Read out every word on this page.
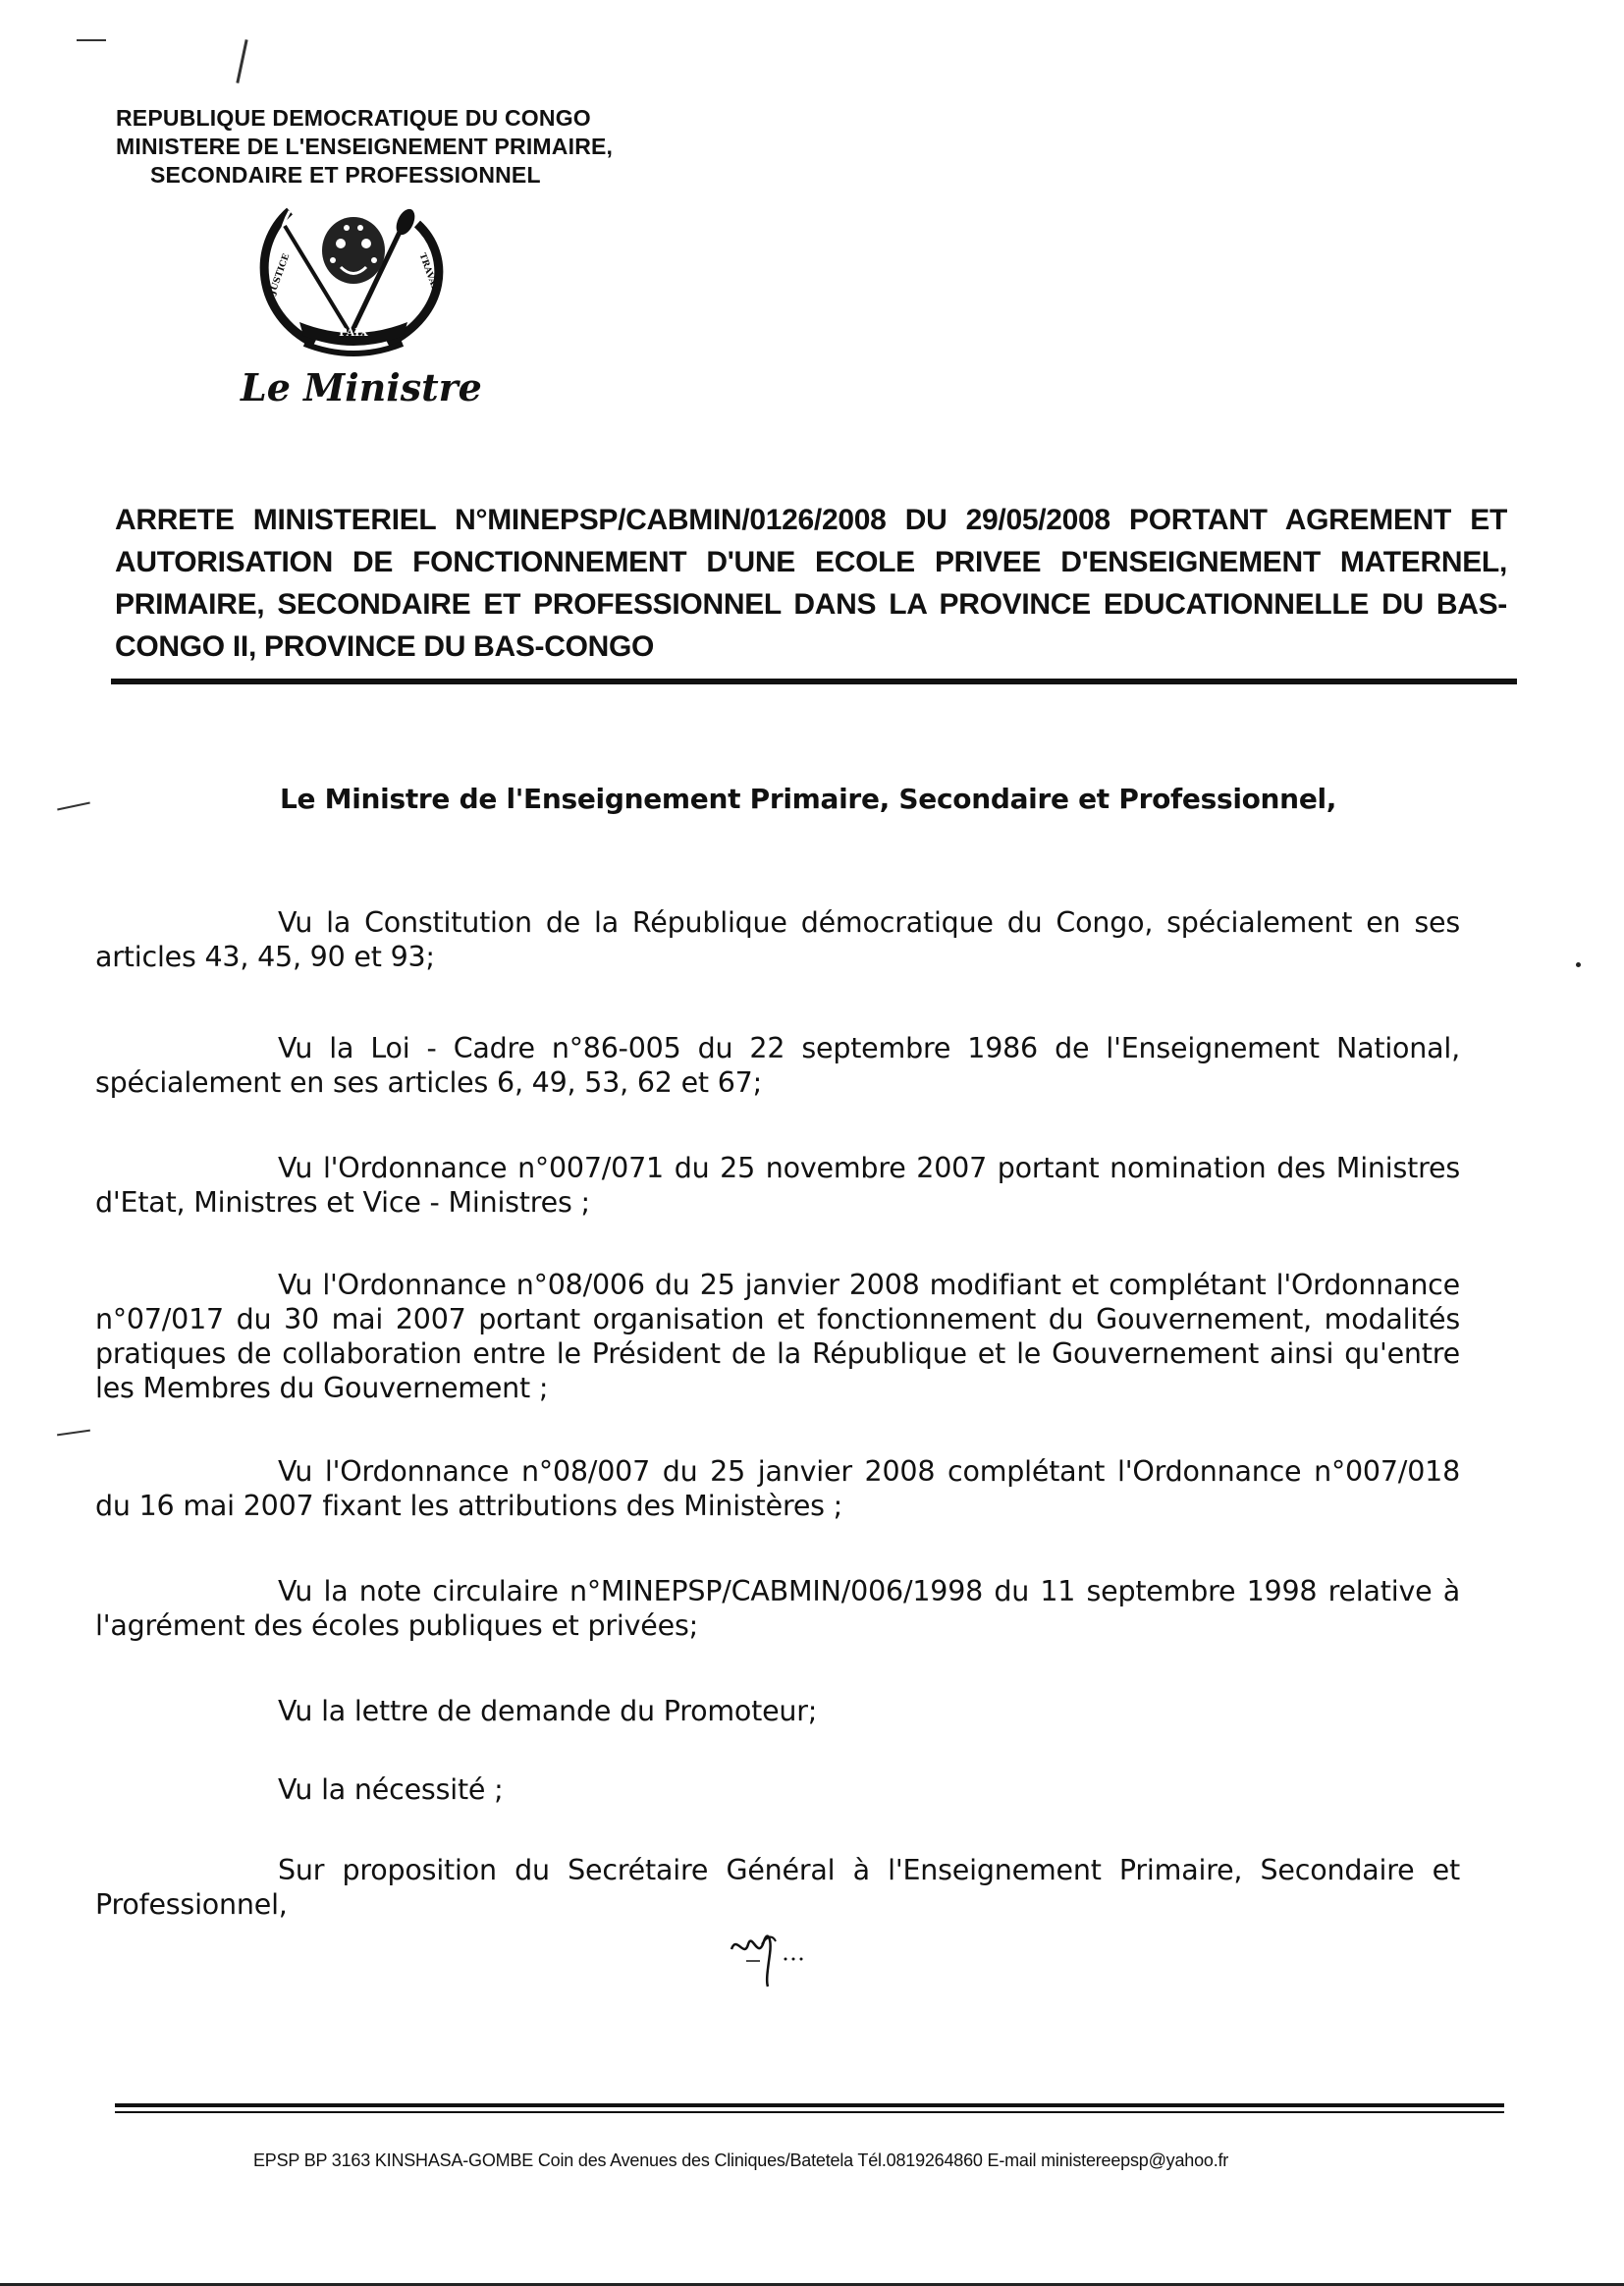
REPUBLIQUE DEMOCRATIQUE DU CONGO
MINISTERE DE L'ENSEIGNEMENT PRIMAIRE,
SECONDAIRE ET PROFESSIONNEL
PAIX
JUSTICE	TRAVAIL
Le Ministre
ARRETE MINISTERIEL N°MINEPSP/CABMIN/0126/2008 DU 29/05/2008 PORTANT AGREMENT ET AUTORISATION DE FONCTIONNEMENT D'UNE ECOLE PRIVEE D'ENSEIGNEMENT MATERNEL, PRIMAIRE, SECONDAIRE ET PROFESSIONNEL DANS LA PROVINCE EDUCATIONNELLE DU BAS-CONGO II, PROVINCE DU BAS-CONGO
Le Ministre de l'Enseignement Primaire, Secondaire et Professionnel,
Vu la Constitution de la République démocratique du Congo, spécialement en ses articles 43, 45, 90 et 93;
Vu la Loi - Cadre n°86-005 du 22 septembre 1986 de l'Enseignement National, spécialement en ses articles 6, 49, 53, 62 et 67;
Vu l'Ordonnance n°007/071 du 25 novembre 2007 portant nomination des Ministres d'Etat, Ministres et Vice - Ministres ;
Vu l'Ordonnance n°08/006 du 25 janvier 2008 modifiant et complétant l'Ordonnance n°07/017 du 30 mai 2007 portant organisation et fonctionnement du Gouvernement, modalités pratiques de collaboration entre le Président de la République et le Gouvernement ainsi qu'entre les Membres du Gouvernement ;
Vu l'Ordonnance n°08/007 du 25 janvier 2008 complétant l'Ordonnance n°007/018 du 16 mai 2007 fixant les attributions des Ministères ;
Vu la note circulaire n°MINEPSP/CABMIN/006/1998 du 11 septembre 1998 relative à l'agrément des écoles publiques et privées;
Vu la lettre de demande du Promoteur;
Vu la nécessité ;
Sur proposition du Secrétaire Général à l'Enseignement Primaire, Secondaire et Professionnel,
EPSP BP 3163 KINSHASA-GOMBE Coin des Avenues des Cliniques/Batetela Tél.0819264860 E-mail ministereepsp@yahoo.fr
